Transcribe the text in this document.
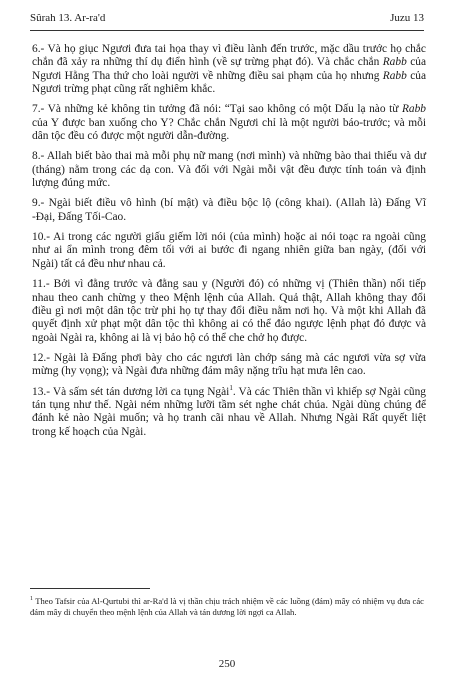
Sûrah 13. Ar-ra'd	Juzu 13

6.- Và họ giục Ngươi đưa tai họa thay vì điều lành đến trước, mặc dầu trước họ chắc chắn đã xảy ra những thí dụ điển hình (về sự trừng phạt đó). Và chắc chắn Rabb của Ngươi Hằng Tha thứ cho loài người về những điều sai phạm của họ nhưng Rabb của Ngươi trừng phạt cũng rất nghiêm khắc.

7.- Và những kẻ không tin tưởng đã nói: “Tại sao không có một Dấu lạ nào từ Rabb của Y được ban xuống cho Y? Chắc chắn Ngươi chỉ là một người báo-trước; và mỗi dân tộc đều có được một người dẫn-đường.

8.- Allah biết bào thai mà mỗi phụ nữ mang (nơi mình) và những bào thai thiếu và dư (tháng) nằm trong các dạ con. Và đối với Ngài mỗi vật đều được tính toán và định lượng đúng mức.

9.- Ngài biết điều vô hình (bí mật) và điều bộc lộ (công khai). (Allah là) Đấng Vĩ -Đại, Đấng Tối-Cao.

10.- Ai trong các người giấu giếm lời nói (của mình) hoặc ai nói toạc ra ngoài cũng như ai ẩn mình trong đêm tối với ai bước đi ngang nhiên giữa ban ngày, (đối với Ngài) tất cả đều như nhau cả.

11.- Bởi vì đằng trước và đằng sau y (Người đó) có những vị (Thiên thần) nối tiếp nhau theo canh chừng y theo Mệnh lệnh của Allah. Quả thật, Allah không thay đổi điều gì nơi một dân tộc trừ phi họ tự thay đổi điều nằm nơi họ. Và một khi Allah đã quyết định xử phạt một dân tộc thì không ai có thể đảo ngược lệnh phạt đó được và ngoài Ngài ra, không ai là vị bảo hộ có thể che chở họ được.

12.- Ngài là Đấng phơi bày cho các ngươi làn chớp sáng mà các ngươi vừa sợ vừa mừng (hy vọng); và Ngài đưa những đám mây nặng trĩu hạt mưa lên cao.

13.- Và sấm sét tán dương lời ca tụng Ngài$^1$. Và các Thiên thần vì khiếp sợ Ngài cũng tán tụng như thế. Ngài ném những lưỡi tầm sét nghe chát chúa. Ngài dùng chúng để đánh kẻ nào Ngài muốn; và họ tranh cãi nhau về Allah. Nhưng Ngài Rất quyết liệt trong kế hoạch của Ngài.

$^1$ Theo Tafsir của Al-Qurtubi thì ar-Ra'd là vị thần chịu trách nhiệm về các luồng (đám) mây có nhiệm vụ đưa các đám mây di chuyển theo mệnh lệnh của Allah và tán dương lời ngợi ca Allah.
250
